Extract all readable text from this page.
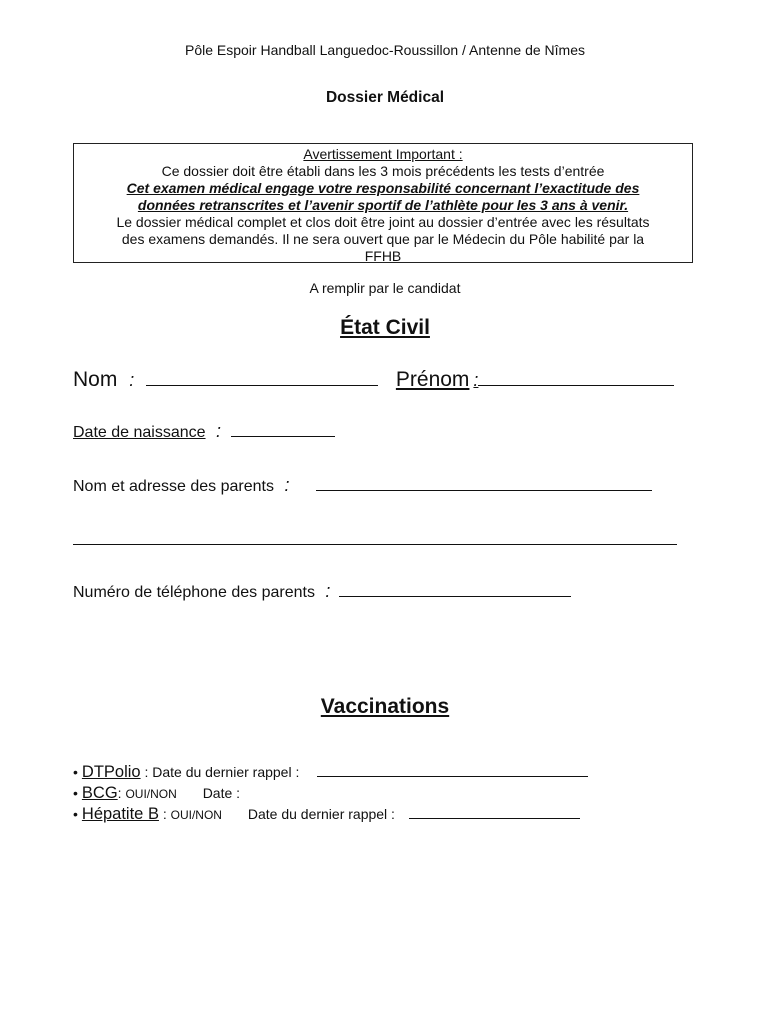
Pôle Espoir Handball Languedoc-Roussillon / Antenne de Nîmes
Dossier Médical
Avertissement Important :
Ce dossier doit être établi dans les 3 mois précédents les tests d’entrée
Cet examen médical engage votre responsabilité concernant l’exactitude des
données retranscrites et l’avenir sportif de l’athlète pour les 3 ans à venir.
Le dossier médical complet et clos doit être joint au dossier d’entrée avec les résultats
des examens demandés. Il ne sera ouvert que par le Médecin du Pôle habilité par la
FFHB
A remplir par le candidat
État Civil
Nom :	Prénom :
Date de naissance :
Nom et adresse des parents :
Numéro de téléphone des parents :
Vaccinations
• DTPolio : Date du dernier rappel :
• BCG: OUI/NON Date :
• Hépatite B : OUI/NON Date du dernier rappel :
